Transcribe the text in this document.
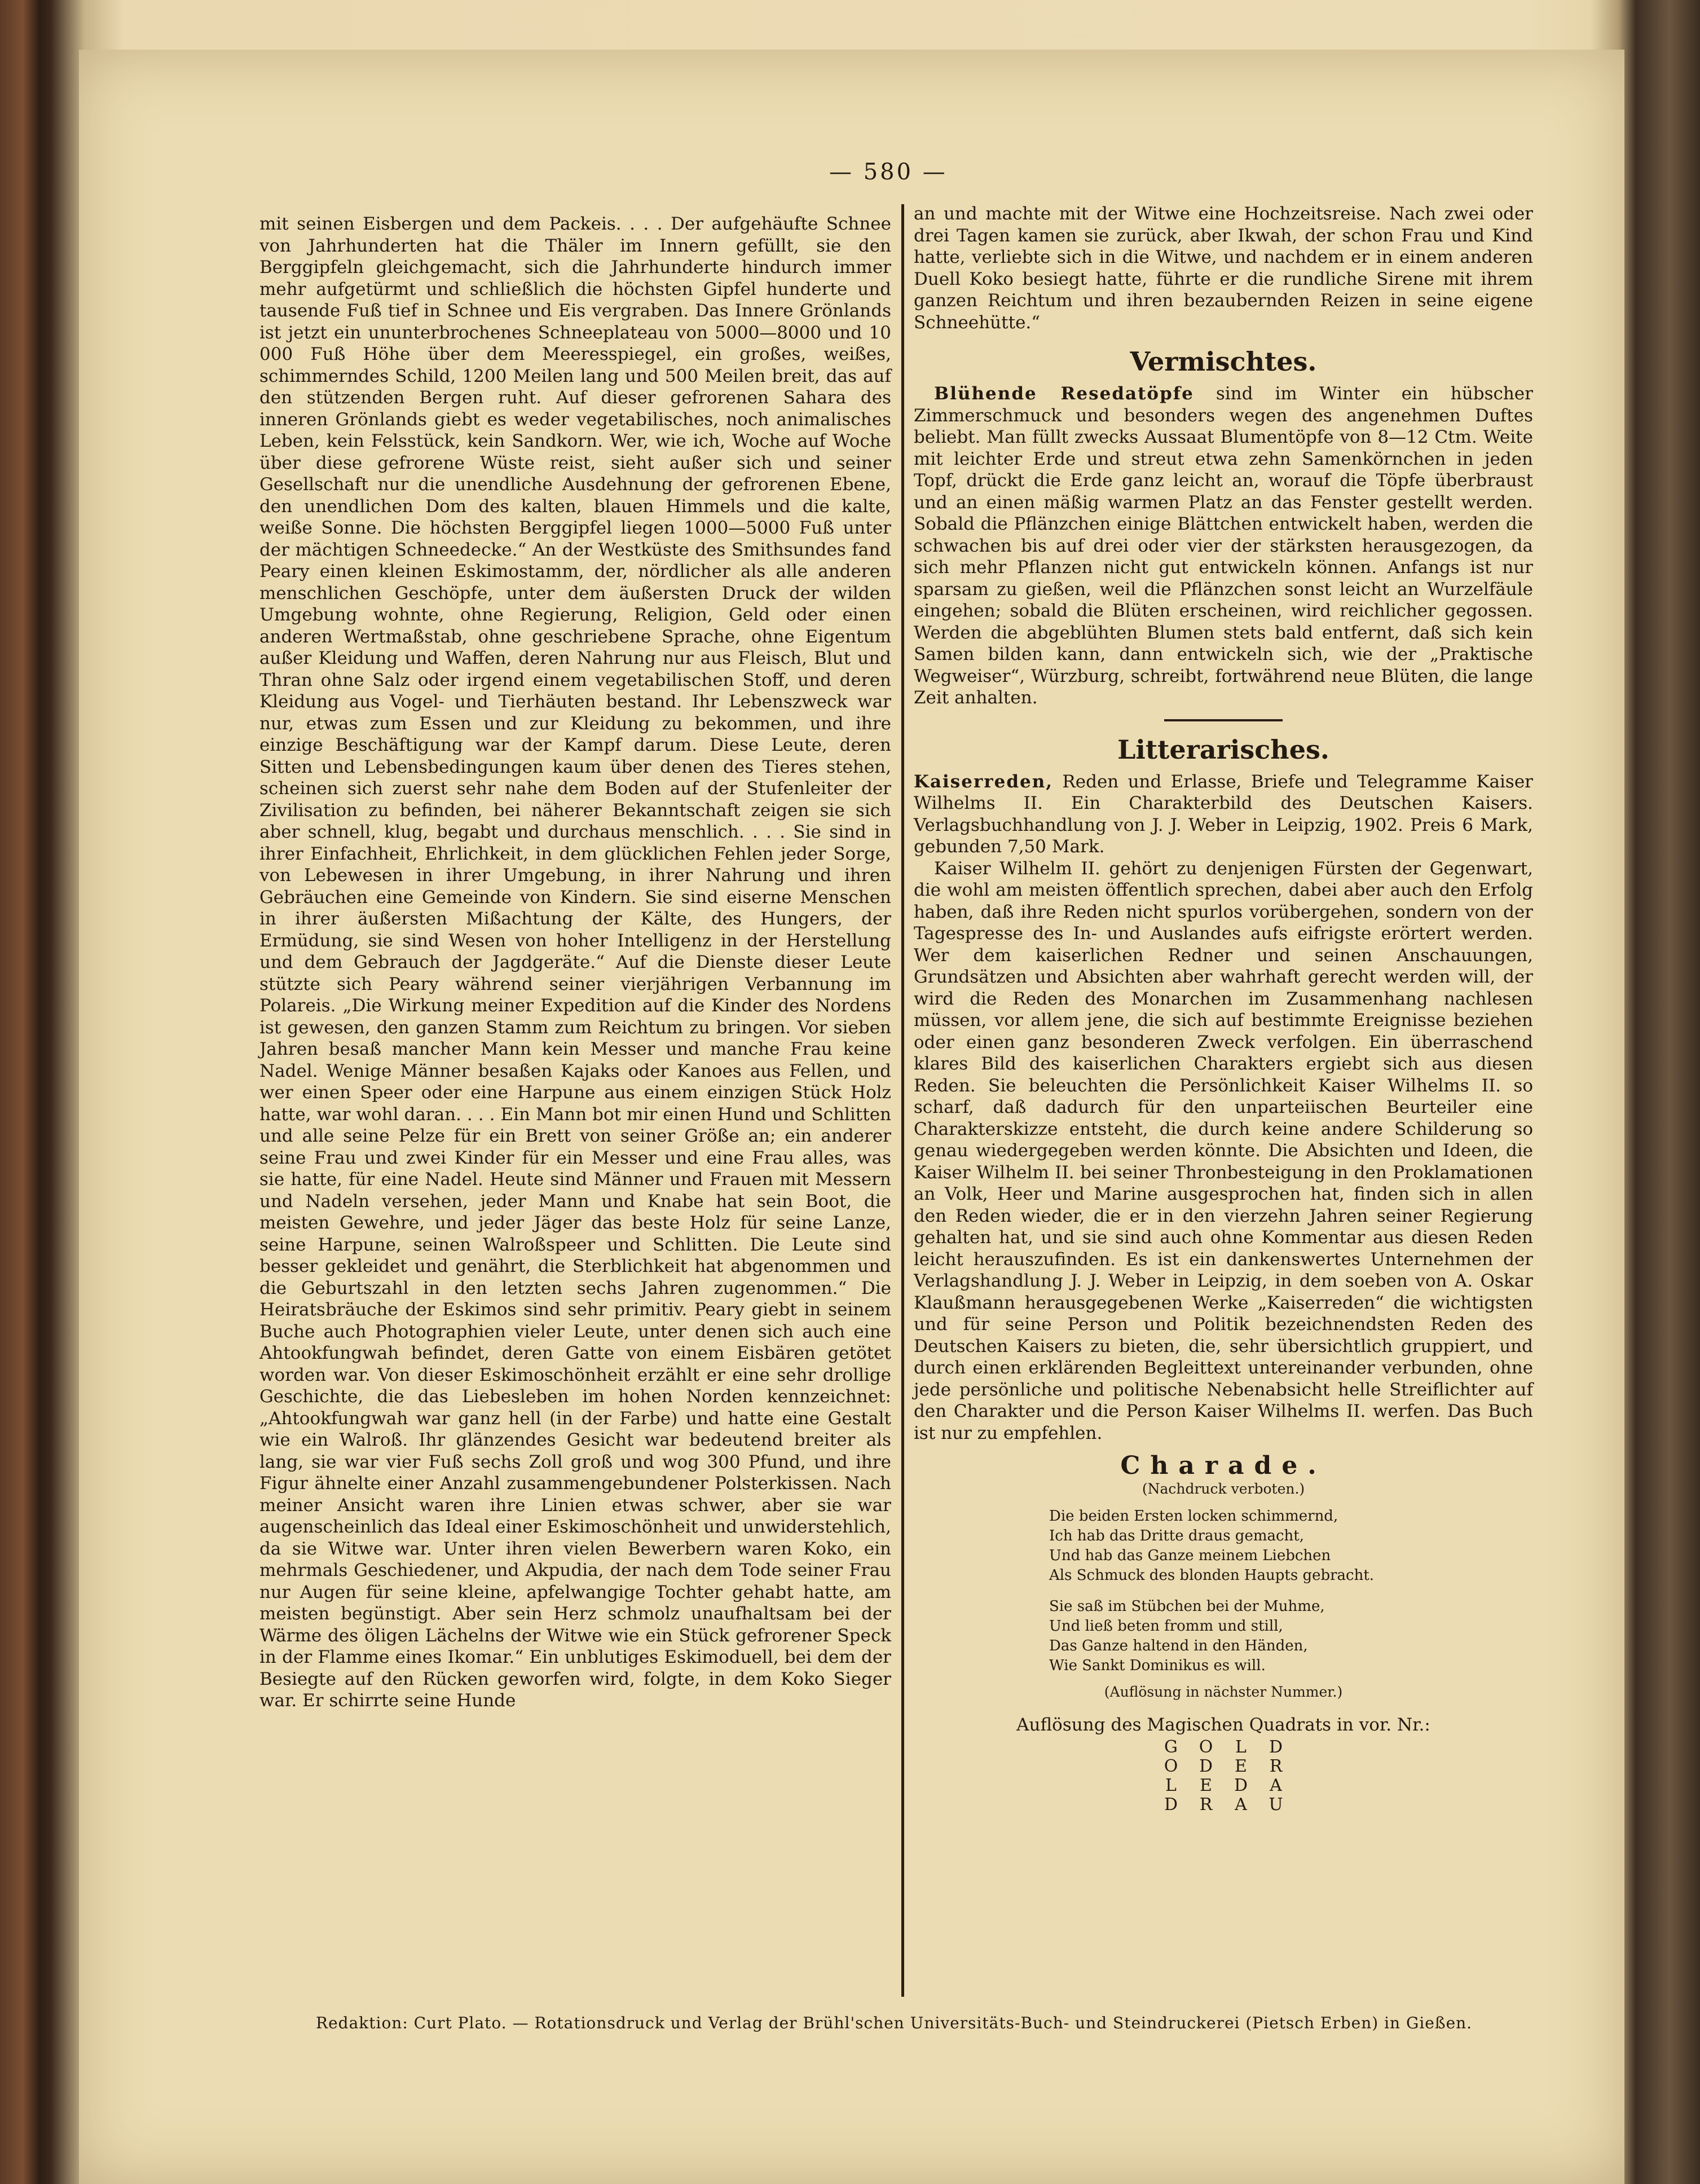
— 580 —

mit seinen Eisbergen und dem Packeis. . . . Der aufgehäufte Schnee von Jahrhunderten hat die Thäler im Innern gefüllt, sie den Berggipfeln gleichgemacht, sich die Jahrhunderte hindurch immer mehr aufgetürmt und schließlich die höchsten Gipfel hunderte und tausende Fuß tief in Schnee und Eis vergraben. Das Innere Grönlands ist jetzt ein ununterbrochenes Schneeplateau von 5000—8000 und 10 000 Fuß Höhe über dem Meeresspiegel, ein großes, weißes, schimmerndes Schild, 1200 Meilen lang und 500 Meilen breit, das auf den stützenden Bergen ruht. Auf dieser gefrorenen Sahara des inneren Grönlands giebt es weder vegetabilisches, noch animalisches Leben, kein Felsstück, kein Sandkorn. Wer, wie ich, Woche auf Woche über diese gefrorene Wüste reist, sieht außer sich und seiner Gesellschaft nur die unendliche Ausdehnung der gefrorenen Ebene, den unendlichen Dom des kalten, blauen Himmels und die kalte, weiße Sonne. Die höchsten Berggipfel liegen 1000—5000 Fuß unter der mächtigen Schneedecke.“ An der Westküste des Smithsundes fand Peary einen kleinen Eskimostamm, der, nördlicher als alle anderen menschlichen Geschöpfe, unter dem äußersten Druck der wilden Umgebung wohnte, ohne Regierung, Religion, Geld oder einen anderen Wertmaßstab, ohne geschriebene Sprache, ohne Eigentum außer Kleidung und Waffen, deren Nahrung nur aus Fleisch, Blut und Thran ohne Salz oder irgend einem vegetabilischen Stoff, und deren Kleidung aus Vogel- und Tierhäuten bestand. Ihr Lebenszweck war nur, etwas zum Essen und zur Kleidung zu bekommen, und ihre einzige Beschäftigung war der Kampf darum. Diese Leute, deren Sitten und Lebensbedingungen kaum über denen des Tieres stehen, scheinen sich zuerst sehr nahe dem Boden auf der Stufenleiter der Zivilisation zu befinden, bei näherer Bekanntschaft zeigen sie sich aber schnell, klug, begabt und durchaus menschlich. . . . Sie sind in ihrer Einfachheit, Ehrlichkeit, in dem glücklichen Fehlen jeder Sorge, von Lebewesen in ihrer Umgebung, in ihrer Nahrung und ihren Gebräuchen eine Gemeinde von Kindern. Sie sind eiserne Menschen in ihrer äußersten Mißachtung der Kälte, des Hungers, der Ermüdung, sie sind Wesen von hoher Intelligenz in der Herstellung und dem Gebrauch der Jagdgeräte.“ Auf die Dienste dieser Leute stützte sich Peary während seiner vierjährigen Verbannung im Polareis. „Die Wirkung meiner Expedition auf die Kinder des Nordens ist gewesen, den ganzen Stamm zum Reichtum zu bringen. Vor sieben Jahren besaß mancher Mann kein Messer und manche Frau keine Nadel. Wenige Männer besaßen Kajaks oder Kanoes aus Fellen, und wer einen Speer oder eine Harpune aus einem einzigen Stück Holz hatte, war wohl daran. . . . Ein Mann bot mir einen Hund und Schlitten und alle seine Pelze für ein Brett von seiner Größe an; ein anderer seine Frau und zwei Kinder für ein Messer und eine Frau alles, was sie hatte, für eine Nadel. Heute sind Männer und Frauen mit Messern und Nadeln versehen, jeder Mann und Knabe hat sein Boot, die meisten Gewehre, und jeder Jäger das beste Holz für seine Lanze, seine Harpune, seinen Walroßspeer und Schlitten. Die Leute sind besser gekleidet und genährt, die Sterblichkeit hat abgenommen und die Geburtszahl in den letzten sechs Jahren zugenommen.“ Die Heiratsbräuche der Eskimos sind sehr primitiv. Peary giebt in seinem Buche auch Photographien vieler Leute, unter denen sich auch eine Ahtookfungwah befindet, deren Gatte von einem Eisbären getötet worden war. Von dieser Eskimoschönheit erzählt er eine sehr drollige Geschichte, die das Liebesleben im hohen Norden kennzeichnet: „Ahtookfungwah war ganz hell (in der Farbe) und hatte eine Gestalt wie ein Walroß. Ihr glänzendes Gesicht war bedeutend breiter als lang, sie war vier Fuß sechs Zoll groß und wog 300 Pfund, und ihre Figur ähnelte einer Anzahl zusammengebundener Polsterkissen. Nach meiner Ansicht waren ihre Linien etwas schwer, aber sie war augenscheinlich das Ideal einer Eskimoschönheit und unwiderstehlich, da sie Witwe war. Unter ihren vielen Bewerbern waren Koko, ein mehrmals Geschiedener, und Akpudia, der nach dem Tode seiner Frau nur Augen für seine kleine, apfelwangige Tochter gehabt hatte, am meisten begünstigt. Aber sein Herz schmolz unaufhaltsam bei der Wärme des öligen Lächelns der Witwe wie ein Stück gefrorener Speck in der Flamme eines Ikomar.“ Ein unblutiges Eskimoduell, bei dem der Besiegte auf den Rücken geworfen wird, folgte, in dem Koko Sieger war. Er schirrte seine Hunde

an und machte mit der Witwe eine Hochzeitsreise. Nach zwei oder drei Tagen kamen sie zurück, aber Ikwah, der schon Frau und Kind hatte, verliebte sich in die Witwe, und nachdem er in einem anderen Duell Koko besiegt hatte, führte er die rundliche Sirene mit ihrem ganzen Reichtum und ihren bezaubernden Reizen in seine eigene Schneehütte.“

Vermischtes.

Blühende Resedatöpfe sind im Winter ein hübscher Zimmerschmuck und besonders wegen des angenehmen Duftes beliebt. Man füllt zwecks Aussaat Blumentöpfe von 8—12 Ctm. Weite mit leichter Erde und streut etwa zehn Samenkörnchen in jeden Topf, drückt die Erde ganz leicht an, worauf die Töpfe überbraust und an einen mäßig warmen Platz an das Fenster gestellt werden. Sobald die Pflänzchen einige Blättchen entwickelt haben, werden die schwachen bis auf drei oder vier der stärksten herausgezogen, da sich mehr Pflanzen nicht gut entwickeln können. Anfangs ist nur sparsam zu gießen, weil die Pflänzchen sonst leicht an Wurzelfäule eingehen; sobald die Blüten erscheinen, wird reichlicher gegossen. Werden die abgeblühten Blumen stets bald entfernt, daß sich kein Samen bilden kann, dann entwickeln sich, wie der „Praktische Wegweiser“, Würzburg, schreibt, fortwährend neue Blüten, die lange Zeit anhalten.

Litterarisches.

Kaiserreden, Reden und Erlasse, Briefe und Telegramme Kaiser Wilhelms II. Ein Charakterbild des Deutschen Kaisers. Verlagsbuchhandlung von J. J. Weber in Leipzig, 1902. Preis 6 Mark, gebunden 7,50 Mark.

Kaiser Wilhelm II. gehört zu denjenigen Fürsten der Gegenwart, die wohl am meisten öffentlich sprechen, dabei aber auch den Erfolg haben, daß ihre Reden nicht spurlos vorübergehen, sondern von der Tagespresse des In- und Auslandes aufs eifrigste erörtert werden. Wer dem kaiserlichen Redner und seinen Anschauungen, Grundsätzen und Absichten aber wahrhaft gerecht werden will, der wird die Reden des Monarchen im Zusammenhang nachlesen müssen, vor allem jene, die sich auf bestimmte Ereignisse beziehen oder einen ganz besonderen Zweck verfolgen. Ein überraschend klares Bild des kaiserlichen Charakters ergiebt sich aus diesen Reden. Sie beleuchten die Persönlichkeit Kaiser Wilhelms II. so scharf, daß dadurch für den unparteiischen Beurteiler eine Charakterskizze entsteht, die durch keine andere Schilderung so genau wiedergegeben werden könnte. Die Absichten und Ideen, die Kaiser Wilhelm II. bei seiner Thronbesteigung in den Proklamationen an Volk, Heer und Marine ausgesprochen hat, finden sich in allen den Reden wieder, die er in den vierzehn Jahren seiner Regierung gehalten hat, und sie sind auch ohne Kommentar aus diesen Reden leicht herauszufinden. Es ist ein dankenswertes Unternehmen der Verlagshandlung J. J. Weber in Leipzig, in dem soeben von A. Oskar Klaußmann herausgegebenen Werke „Kaiserreden“ die wichtigsten und für seine Person und Politik bezeichnendsten Reden des Deutschen Kaisers zu bieten, die, sehr übersichtlich gruppiert, und durch einen erklärenden Begleittext untereinander verbunden, ohne jede persönliche und politische Nebenabsicht helle Streiflichter auf den Charakter und die Person Kaiser Wilhelms II. werfen. Das Buch ist nur zu empfehlen.

Charade.
(Nachdruck verboten.)
Die beiden Ersten locken schimmernd,
Ich hab das Dritte draus gemacht,
Und hab das Ganze meinem Liebchen
Als Schmuck des blonden Haupts gebracht.
Sie saß im Stübchen bei der Muhme,
Und ließ beten fromm und still,
Das Ganze haltend in den Händen,
Wie Sankt Dominikus es will.
(Auflösung in nächster Nummer.)
Auflösung des Magischen Quadrats in vor. Nr.:
G	O	L	D
O	D	E	R
L	E	D	A
D	R	A	U
Redaktion: Curt Plato. — Rotationsdruck und Verlag der Brühl'schen Universitäts-Buch- und Steindruckerei (Pietsch Erben) in Gießen.
